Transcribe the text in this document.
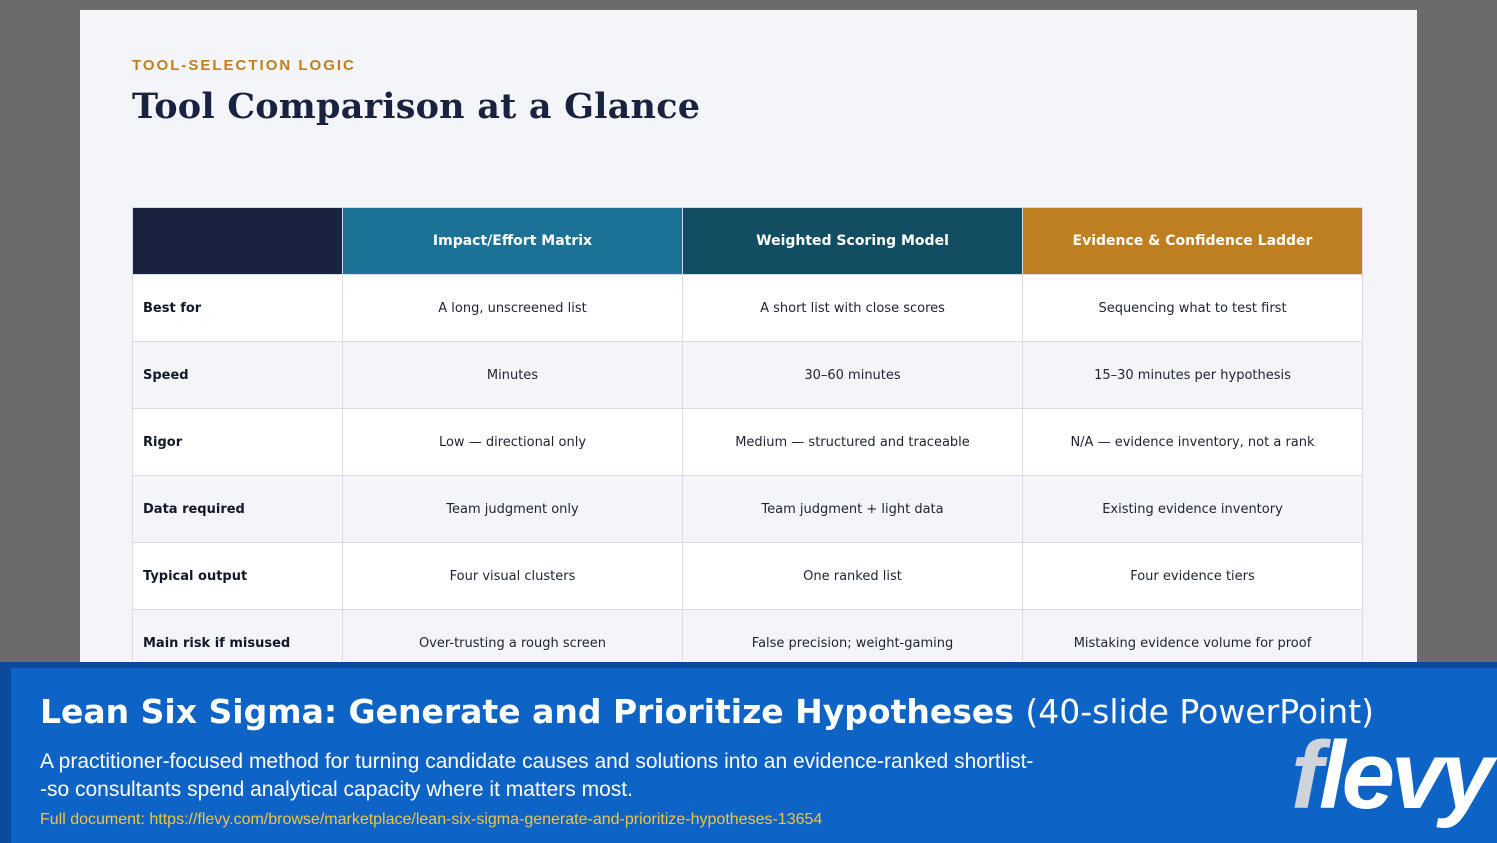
TOOL-SELECTION LOGIC
Tool Comparison at a Glance
	Impact/Effort Matrix	Weighted Scoring Model	Evidence & Confidence Ladder
Best for	A long, unscreened list	A short list with close scores	Sequencing what to test first
Speed	Minutes	30–60 minutes	15–30 minutes per hypothesis
Rigor	Low — directional only	Medium — structured and traceable	N/A — evidence inventory, not a rank
Data required	Team judgment only	Team judgment + light data	Existing evidence inventory
Typical output	Four visual clusters	One ranked list	Four evidence tiers
Main risk if misused	Over-trusting a rough screen	False precision; weight-gaming	Mistaking evidence volume for proof
Lean Six Sigma: Generate and Prioritize Hypotheses (40-slide PowerPoint)
A practitioner-focused method for turning candidate causes and solutions into an evidence-ranked shortlist--so consultants spend analytical capacity where it matters most.
Full document: https://flevy.com/browse/marketplace/lean-six-sigma-generate-and-prioritize-hypotheses-13654	flevy
